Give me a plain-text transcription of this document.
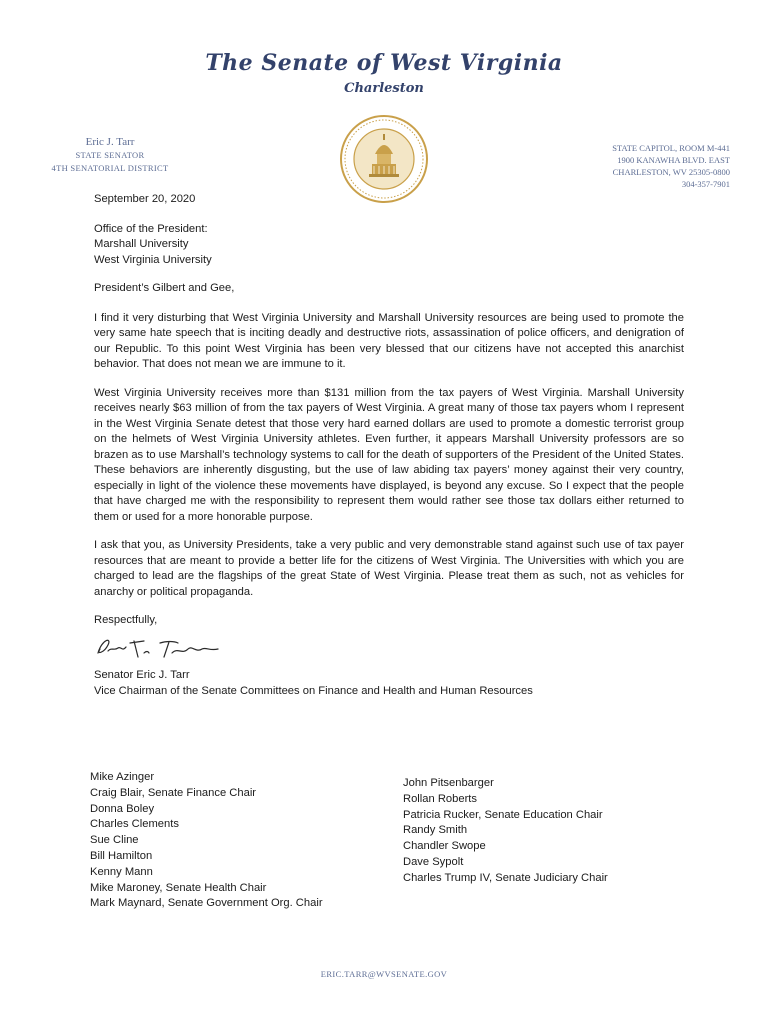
The Senate of West Virginia
Charleston
Eric J. Tarr
STATE SENATOR
4TH SENATORIAL DISTRICT
STATE CAPITOL, ROOM M-441
1900 KANAWHA BLVD. EAST
CHARLESTON, WV 25305-0800
304-357-7901

September 20, 2020

Office of the President:
Marshall University
West Virginia University

President’s Gilbert and Gee,

I find it very disturbing that West Virginia University and Marshall University resources are being used to promote the very same hate speech that is inciting deadly and destructive riots, assassination of police officers, and denigration of our Republic. To this point West Virginia has been very blessed that our citizens have not accepted this anarchist behavior. That does not mean we are immune to it.

West Virginia University receives more than $131 million from the tax payers of West Virginia. Marshall University receives nearly $63 million of from the tax payers of West Virginia. A great many of those tax payers whom I represent in the West Virginia Senate detest that those very hard earned dollars are used to promote a domestic terrorist group on the helmets of West Virginia University athletes. Even further, it appears Marshall University professors are so brazen as to use Marshall’s technology systems to call for the death of supporters of the President of the United States. These behaviors are inherently disgusting, but the use of law abiding tax payers’ money against their very country, especially in light of the violence these movements have displayed, is beyond any excuse. So I expect that the people that have charged me with the responsibility to represent them would rather see those tax dollars either returned to them or used for a more honorable purpose.

I ask that you, as University Presidents, take a very public and very demonstrable stand against such use of tax payer resources that are meant to provide a better life for the citizens of West Virginia. The Universities with which you are charged to lead are the flagships of the great State of West Virginia. Please treat them as such, not as vehicles for anarchy or political propaganda.

Respectfully,

Senator Eric J. Tarr
Vice Chairman of the Senate Committees on Finance and Health and Human Resources
Mike Azinger
Craig Blair, Senate Finance Chair
Donna Boley
Charles Clements
Sue Cline
Bill Hamilton
Kenny Mann
Mike Maroney, Senate Health Chair
Mark Maynard, Senate Government Org. Chair
John Pitsenbarger
Rollan Roberts
Patricia Rucker, Senate Education Chair
Randy Smith
Chandler Swope
Dave Sypolt
Charles Trump IV, Senate Judiciary Chair
ERIC.TARR@WVSENATE.GOV
